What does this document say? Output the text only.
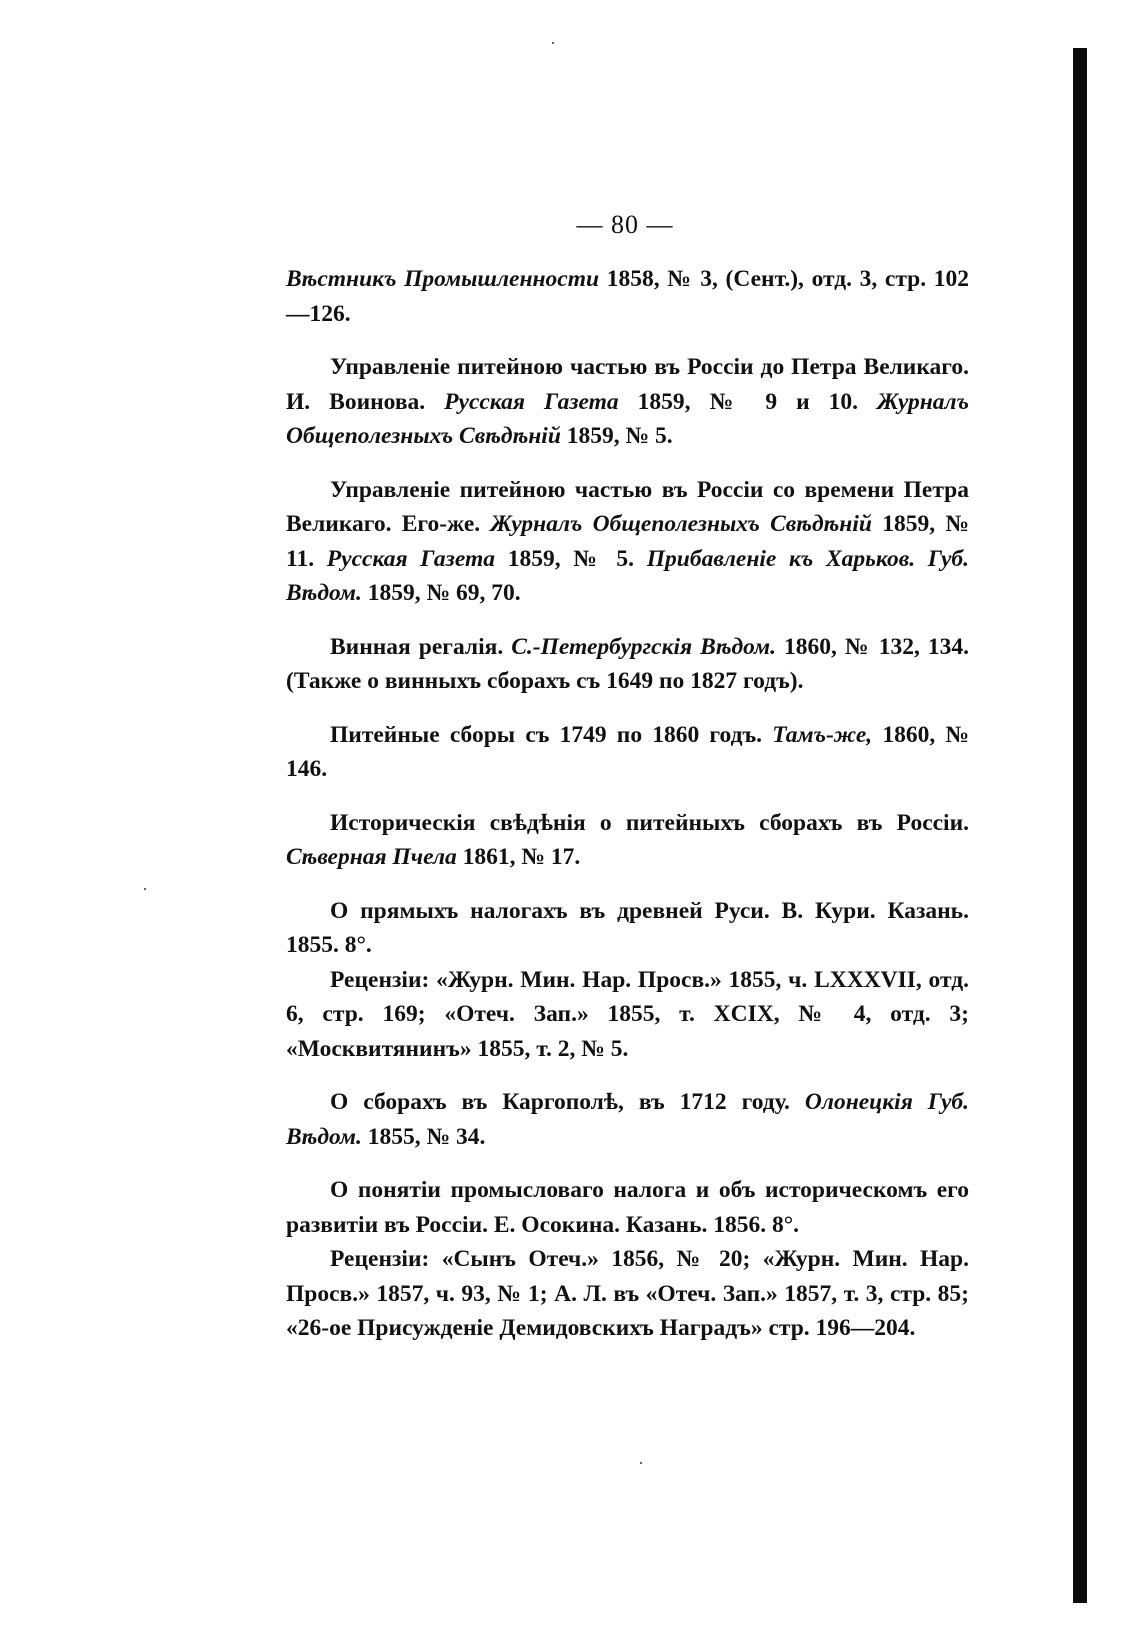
— 80 —

Вѣстникъ Промышленности 1858, № 3, (Сент.), отд. 3, стр. 102—126.

Управленіе питейною частью въ Россіи до Петра Великаго. И. Воинова. Русская Газета 1859, № 9 и 10. Журналъ Общеполезныхъ Свѣдѣній 1859, № 5.

Управленіе питейною частью въ Россіи со времени Петра Великаго. Его-же. Журналъ Общеполезныхъ Свѣдѣній 1859, № 11. Русская Газета 1859, № 5. Прибавленіе къ Харьков. Губ. Вѣдом. 1859, № 69, 70.

Винная регалія. С.-Петербургскія Вѣдом. 1860, № 132, 134. (Также о винныхъ сборахъ съ 1649 по 1827 годъ).

Питейные сборы съ 1749 по 1860 годъ. Тамъ-же, 1860, № 146.

Историческія свѣдѣнія о питейныхъ сборахъ въ Россіи. Сѣверная Пчела 1861, № 17.

О прямыхъ налогахъ въ древней Руси. В. Кури. Казань. 1855. 8°.

Рецензіи: «Журн. Мин. Нар. Просв.» 1855, ч. LXXXVII, отд. 6, стр. 169; «Отеч. Зап.» 1855, т. XCIX, № 4, отд. 3; «Москвитянинъ» 1855, т. 2, № 5.

О сборахъ въ Каргополѣ, въ 1712 году. Олонецкія Губ. Вѣдом. 1855, № 34.

О понятіи промысловаго налога и объ историческомъ его развитіи въ Россіи. Е. Осокина. Казань. 1856. 8°.

Рецензіи: «Сынъ Отеч.» 1856, № 20; «Журн. Мин. Нар. Просв.» 1857, ч. 93, № 1; А. Л. въ «Отеч. Зап.» 1857, т. 3, стр. 85; «26-ое Присужденіе Демидовскихъ Наградъ» стр. 196—204.
